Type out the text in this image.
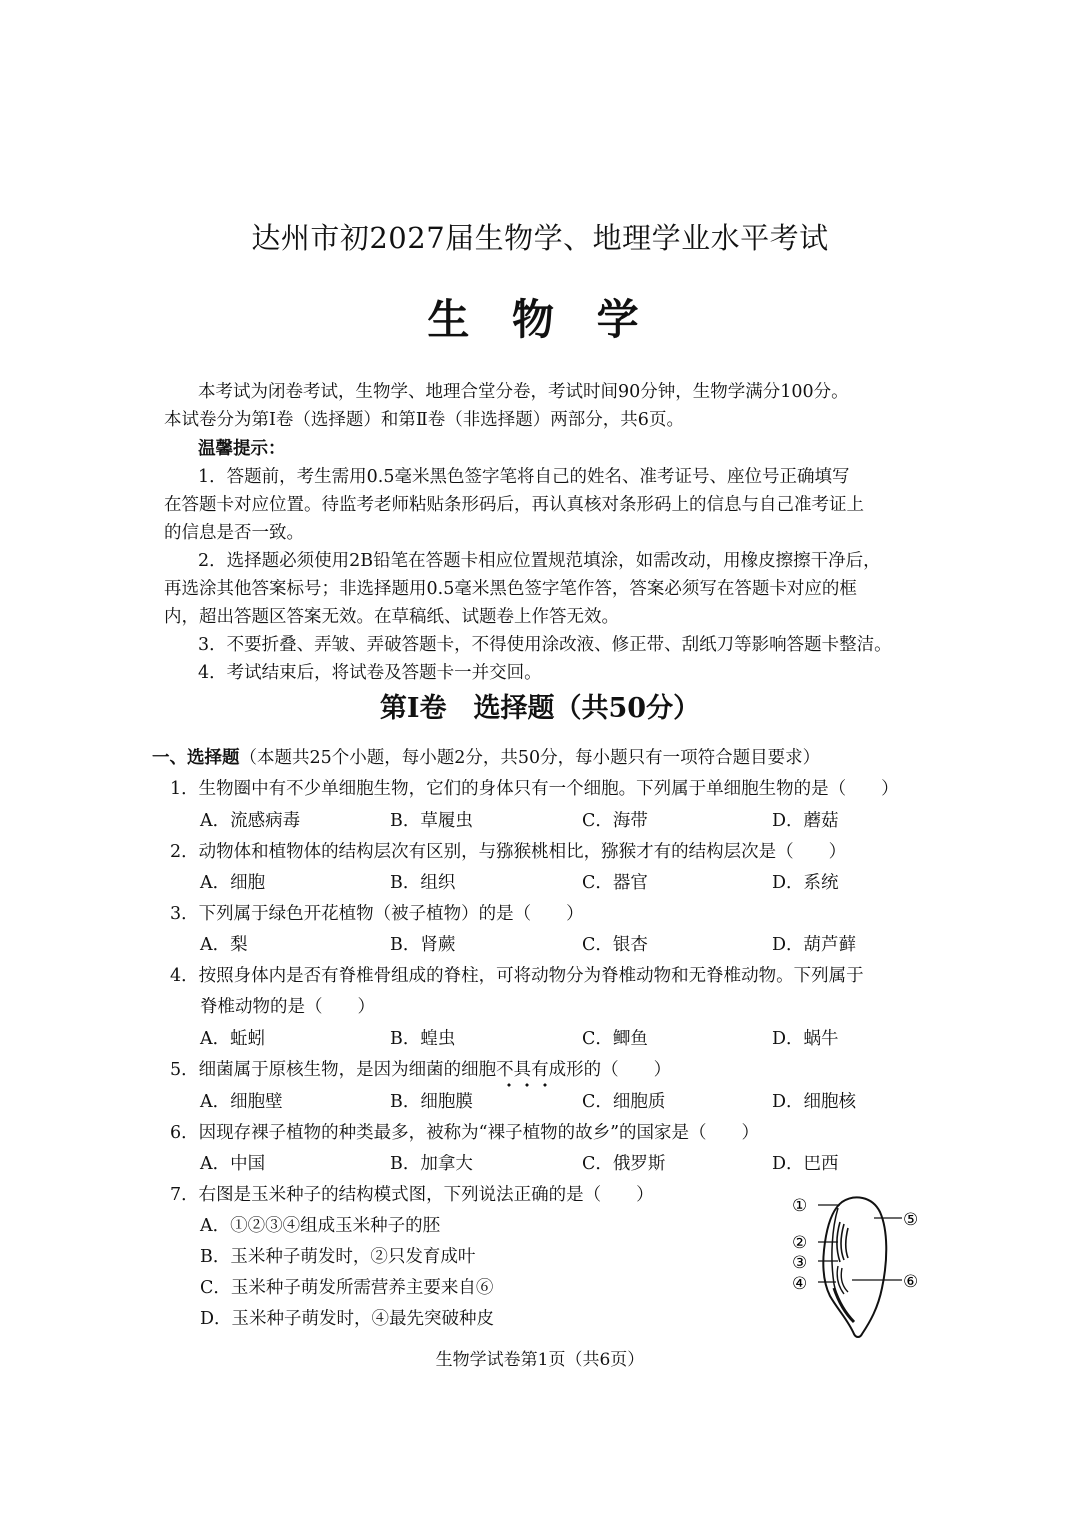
达州市初2027届生物学、地理学业水平考试
生 物 学
本考试为闭卷考试，生物学、地理合堂分卷，考试时间90分钟，生物学满分100分。
本试卷分为第Ⅰ卷（选择题）和第Ⅱ卷（非选择题）两部分，共6页。
温馨提示：
1．答题前，考生需用0.5毫米黑色签字笔将自己的姓名、准考证号、座位号正确填写
在答题卡对应位置。待监考老师粘贴条形码后，再认真核对条形码上的信息与自己准考证上
的信息是否一致。
2．选择题必须使用2B铅笔在答题卡相应位置规范填涂，如需改动，用橡皮擦擦干净后，
再选涂其他答案标号；非选择题用0.5毫米黑色签字笔作答，答案必须写在答题卡对应的框
内，超出答题区答案无效。在草稿纸、试题卷上作答无效。
3．不要折叠、弄皱、弄破答题卡，不得使用涂改液、修正带、刮纸刀等影响答题卡整洁。
4．考试结束后，将试卷及答题卡一并交回。
第Ⅰ卷　选择题（共50分）
一、选择题（本题共25个小题，每小题2分，共50分，每小题只有一项符合题目要求）
1．生物圈中有不少单细胞生物，它们的身体只有一个细胞。下列属于单细胞生物的是（　　）
A．流感病毒	B．草履虫	C．海带	D．蘑菇
2．动物体和植物体的结构层次有区别，与猕猴桃相比，猕猴才有的结构层次是（　　）
A．细胞	B．组织	C．器官	D．系统
3．下列属于绿色开花植物（被子植物）的是（　　）
A．梨	B．肾蕨	C．银杏	D．葫芦藓
4．按照身体内是否有脊椎骨组成的脊柱，可将动物分为脊椎动物和无脊椎动物。下列属于
脊椎动物的是（　　）
A．蚯蚓	B．蝗虫	C．鲫鱼	D．蜗牛
5．细菌属于原核生物，是因为细菌的细胞不具有成形的（　　）
A．细胞壁	B．细胞膜	C．细胞质	D．细胞核
6．因现存裸子植物的种类最多，被称为“裸子植物的故乡”的国家是（　　）
A．中国	B．加拿大	C．俄罗斯	D．巴西
7．右图是玉米种子的结构模式图，下列说法正确的是（　　）
A．①②③④组成玉米种子的胚
B．玉米种子萌发时，②只发育成叶
C．玉米种子萌发所需营养主要来自⑥
D．玉米种子萌发时，④最先突破种皮
①
②
③
④
⑤
⑥
生物学试卷第1页（共6页）
